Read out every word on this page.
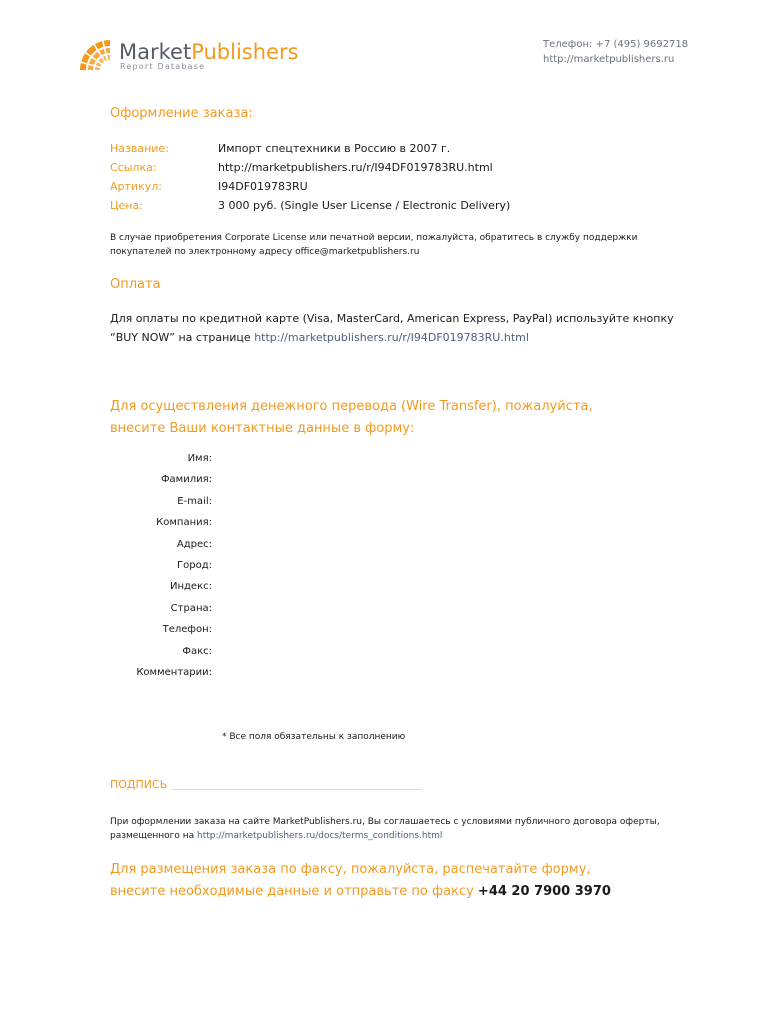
MarketPublishers
Report Database
Телефон: +7 (495) 9692718
http://marketpublishers.ru
Оформление заказа:
Название:	Импорт спецтехники в Россию в 2007 г.
Ссылка:	http://marketpublishers.ru/r/I94DF019783RU.html
Артикул:	I94DF019783RU
Цена:	3 000 руб. (Single User License / Electronic Delivery)
В случае приобретения Corporate License или печатной версии, пожалуйста, обратитесь в службу поддержки покупателей по электронному адресу office@marketpublishers.ru
Оплата
Для оплаты по кредитной карте (Visa, MasterCard, American Express, PayPal) используйте кнопку “BUY NOW” на странице http://marketpublishers.ru/r/I94DF019783RU.html
Для осуществления денежного перевода (Wire Transfer), пожалуйста,
внесите Ваши контактные данные в форму:
Имя:
Фамилия:
E-mail:
Компания:
Адрес:
Город:
Индекс:
Страна:
Телефон:
Факс:
Комментарии:
* Все поля обязательны к заполнению
ПОДПИСЬ
При оформлении заказа на сайте MarketPublishers.ru, Вы соглашаетесь с условиями публичного договора оферты, размещенного на http://marketpublishers.ru/docs/terms_conditions.html
Для размещения заказа по факсу, пожалуйста, распечатайте форму,
внесите необходимые данные и отправьте по факсу +44 20 7900 3970
